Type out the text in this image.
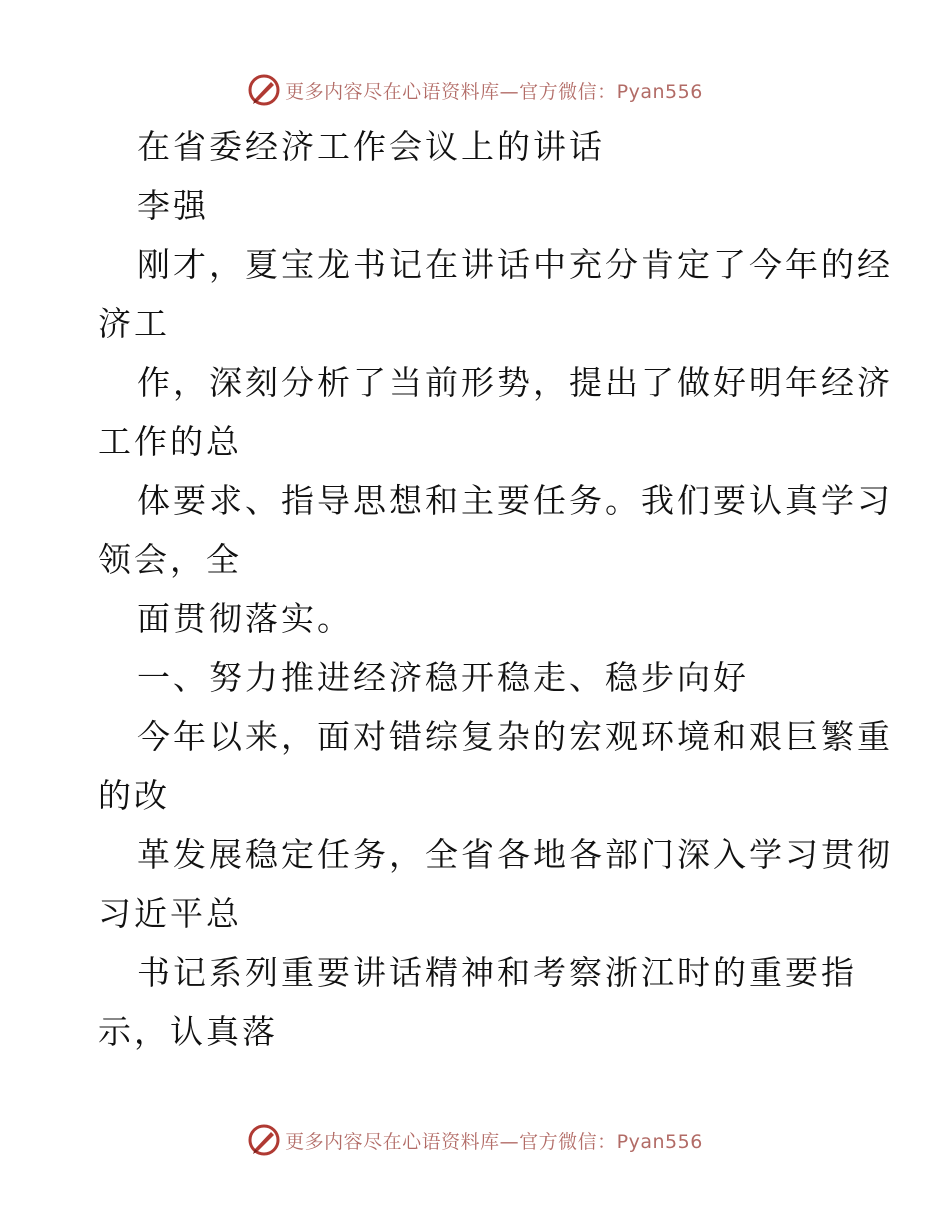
更多内容尽在心语资料库—官方微信：Pyan556
在省委经济工作会议上的讲话
李强
刚才，夏宝龙书记在讲话中充分肯定了今年的经
济工
作，深刻分析了当前形势，提出了做好明年经济
工作的总
体要求、指导思想和主要任务。我们要认真学习
领会，全
面贯彻落实。
一、努力推进经济稳开稳走、稳步向好
今年以来，面对错综复杂的宏观环境和艰巨繁重
的改
革发展稳定任务，全省各地各部门深入学习贯彻
习近平总
书记系列重要讲话精神和考察浙江时的重要指
示，认真落
更多内容尽在心语资料库—官方微信：Pyan556
